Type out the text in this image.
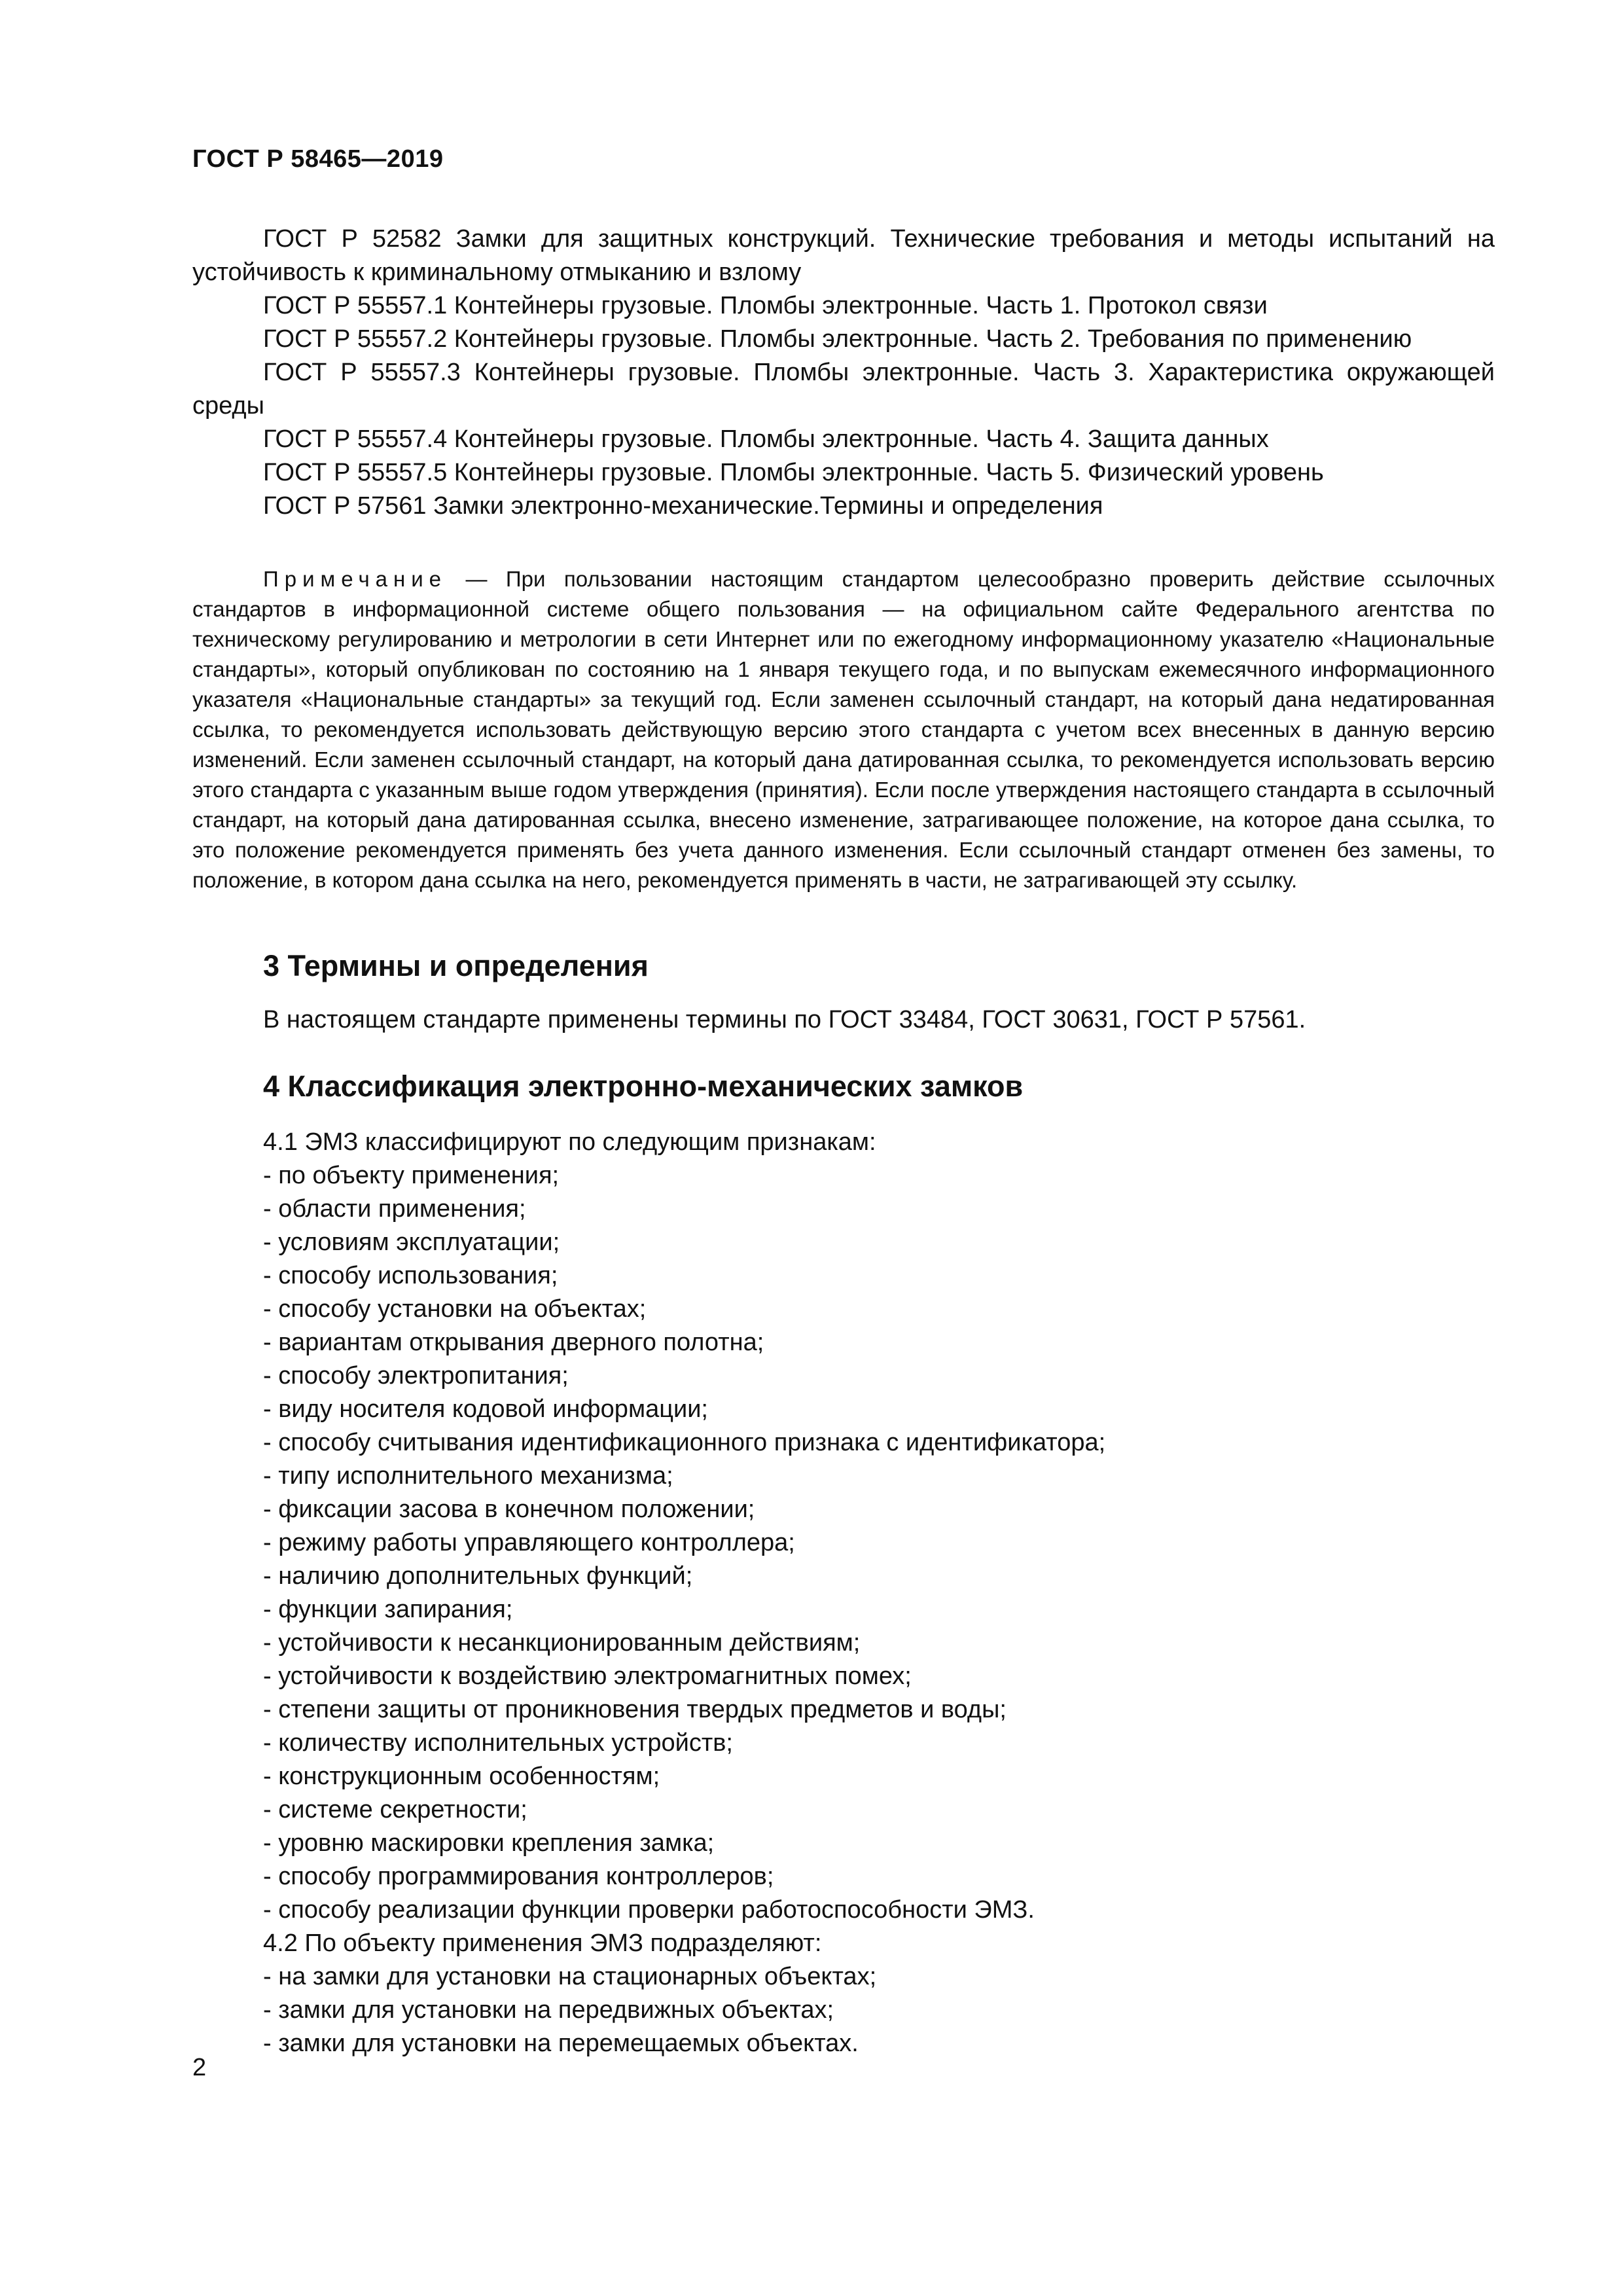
ГОСТ Р 58465—2019

ГОСТ Р 52582 Замки для защитных конструкций. Технические требования и методы испытаний на устойчивость к криминальному отмыканию и взлому

ГОСТ Р 55557.1 Контейнеры грузовые. Пломбы электронные. Часть 1. Протокол связи

ГОСТ Р 55557.2 Контейнеры грузовые. Пломбы электронные. Часть 2. Требования по применению

ГОСТ Р 55557.3 Контейнеры грузовые. Пломбы электронные. Часть 3. Характеристика окружающей среды

ГОСТ Р 55557.4 Контейнеры грузовые. Пломбы электронные. Часть 4. Защита данных

ГОСТ Р 55557.5 Контейнеры грузовые. Пломбы электронные. Часть 5. Физический уровень

ГОСТ Р 57561 Замки электронно-механические.Термины и определения

Примечание — При пользовании настоящим стандартом целесообразно проверить действие ссылочных стандартов в информационной системе общего пользования — на официальном сайте Федерального агентства по техническому регулированию и метрологии в сети Интернет или по ежегодному информационному указателю «Национальные стандарты», который опубликован по состоянию на 1 января текущего года, и по выпускам ежемесячного информационного указателя «Национальные стандарты» за текущий год. Если заменен ссылочный стандарт, на который дана недатированная ссылка, то рекомендуется использовать действующую версию этого стандарта с учетом всех внесенных в данную версию изменений. Если заменен ссылочный стандарт, на который дана датированная ссылка, то рекомендуется использовать версию этого стандарта с указанным выше годом утверждения (принятия). Если после утверждения настоящего стандарта в ссылочный стандарт, на который дана датированная ссылка, внесено изменение, затрагивающее положение, на которое дана ссылка, то это положение рекомендуется применять без учета данного изменения. Если ссылочный стандарт отменен без замены, то положение, в котором дана ссылка на него, рекомендуется применять в части, не затрагивающей эту ссылку.

3 Термины и определения
В настоящем стандарте применены термины по ГОСТ 33484, ГОСТ 30631, ГОСТ Р 57561.
4 Классификация электронно-механических замков

4.1 ЭМЗ классифицируют по следующим признакам:

- по объекту применения;

- области применения;

- условиям эксплуатации;

- способу использования;

- способу установки на объектах;

- вариантам открывания дверного полотна;

- способу электропитания;

- виду носителя кодовой информации;

- способу считывания идентификационного признака с идентификатора;

- типу исполнительного механизма;

- фиксации засова в конечном положении;

- режиму работы управляющего контроллера;

- наличию дополнительных функций;

- функции запирания;

- устойчивости к несанкционированным действиям;

- устойчивости к воздействию электромагнитных помех;

- степени защиты от проникновения твердых предметов и воды;

- количеству исполнительных устройств;

- конструкционным особенностям;

- системе секретности;

- уровню маскировки крепления замка;

- способу программирования контроллеров;

- способу реализации функции проверки работоспособности ЭМЗ.

4.2 По объекту применения ЭМЗ подразделяют:

- на замки для установки на стационарных объектах;

- замки для установки на передвижных объектах;

- замки для установки на перемещаемых объектах.

2
